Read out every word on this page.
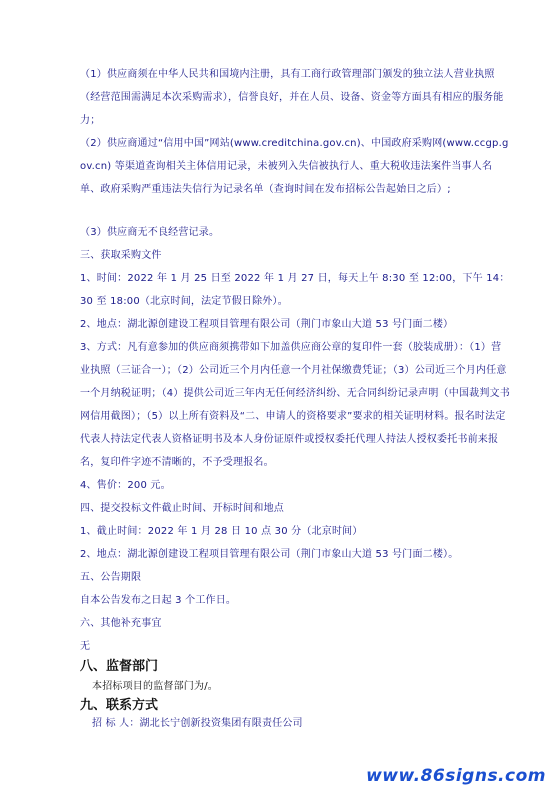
（1）供应商须在中华人民共和国境内注册，具有工商行政管理部门颁发的独立法人营业执照（经营范围需满足本次采购需求），信誉良好，并在人员、设备、资金等方面具有相应的服务能力；

（2）供应商通过“信用中国”网站(www.creditchina.gov.cn)、中国政府采购网(www.ccgp.gov.cn) 等渠道查询相关主体信用记录，未被列入失信被执行人、重大税收违法案件当事人名单、政府采购严重违法失信行为记录名单（查询时间在发布招标公告起始日之后）;

（3）供应商无不良经营记录。

三、获取采购文件

1、时间：2022 年 1 月 25 日至 2022 年 1 月 27 日，每天上午 8:30 至 12:00，下午 14：30 至 18:00（北京时间，法定节假日除外）。

2、地点：湖北源创建设工程项目管理有限公司（荆门市象山大道 53 号门面二楼）

3、方式：凡有意参加的供应商须携带如下加盖供应商公章的复印件一套（胶装成册）：（1）营业执照（三证合一）；（2）公司近三个月内任意一个月社保缴费凭证；（3）公司近三个月内任意一个月纳税证明；（4）提供公司近三年内无任何经济纠纷、无合同纠纷记录声明（中国裁判文书网信用截图）；（5）以上所有资料及“二、申请人的资格要求”要求的相关证明材料。报名时法定代表人持法定代表人资格证明书及本人身份证原件或授权委托代理人持法人授权委托书前来报名，复印件字迹不清晰的，不予受理报名。

4、售价：200 元。

四、提交投标文件截止时间、开标时间和地点

1、截止时间：2022 年 1 月 28 日 10 点 30 分（北京时间）

2、地点：湖北源创建设工程项目管理有限公司（荆门市象山大道 53 号门面二楼）。

五、公告期限

自本公告发布之日起 3 个工作日。

六、其他补充事宜

无

八、监督部门

本招标项目的监督部门为/。

九、联系方式

招 标 人：湖北长宁创新投资集团有限责任公司

www.86signs.com
